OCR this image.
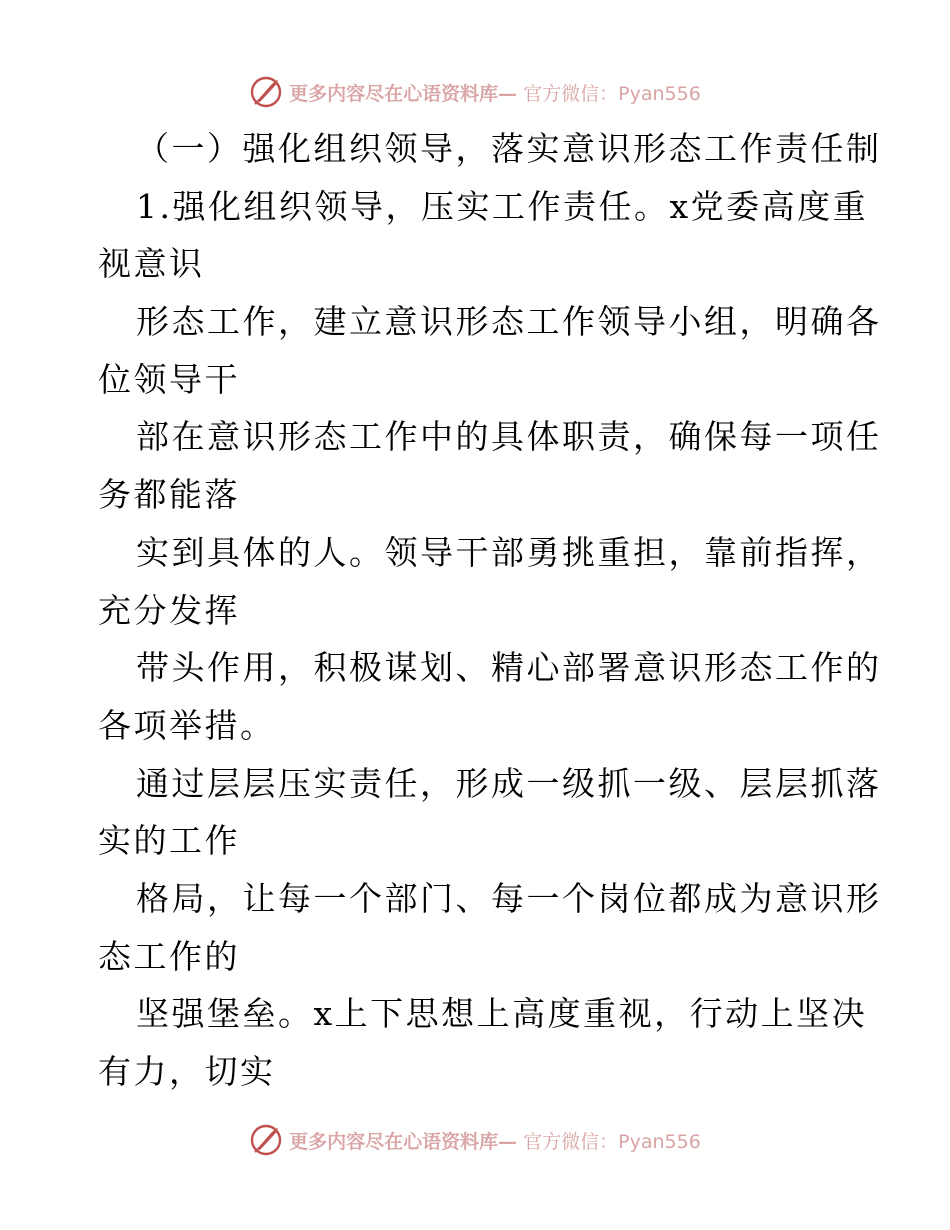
更多内容尽在心语资料库— 官方微信：Pyan556
（一）强化组织领导，落实意识形态工作责任制
1.强化组织领导，压实工作责任。x党委高度重
视意识
形态工作，建立意识形态工作领导小组，明确各
位领导干
部在意识形态工作中的具体职责，确保每一项任
务都能落
实到具体的人。领导干部勇挑重担，靠前指挥，
充分发挥
带头作用，积极谋划、精心部署意识形态工作的
各项举措。
通过层层压实责任，形成一级抓一级、层层抓落
实的工作
格局，让每一个部门、每一个岗位都成为意识形
态工作的
坚强堡垒。x上下思想上高度重视，行动上坚决
有力，切实
更多内容尽在心语资料库— 官方微信：Pyan556
